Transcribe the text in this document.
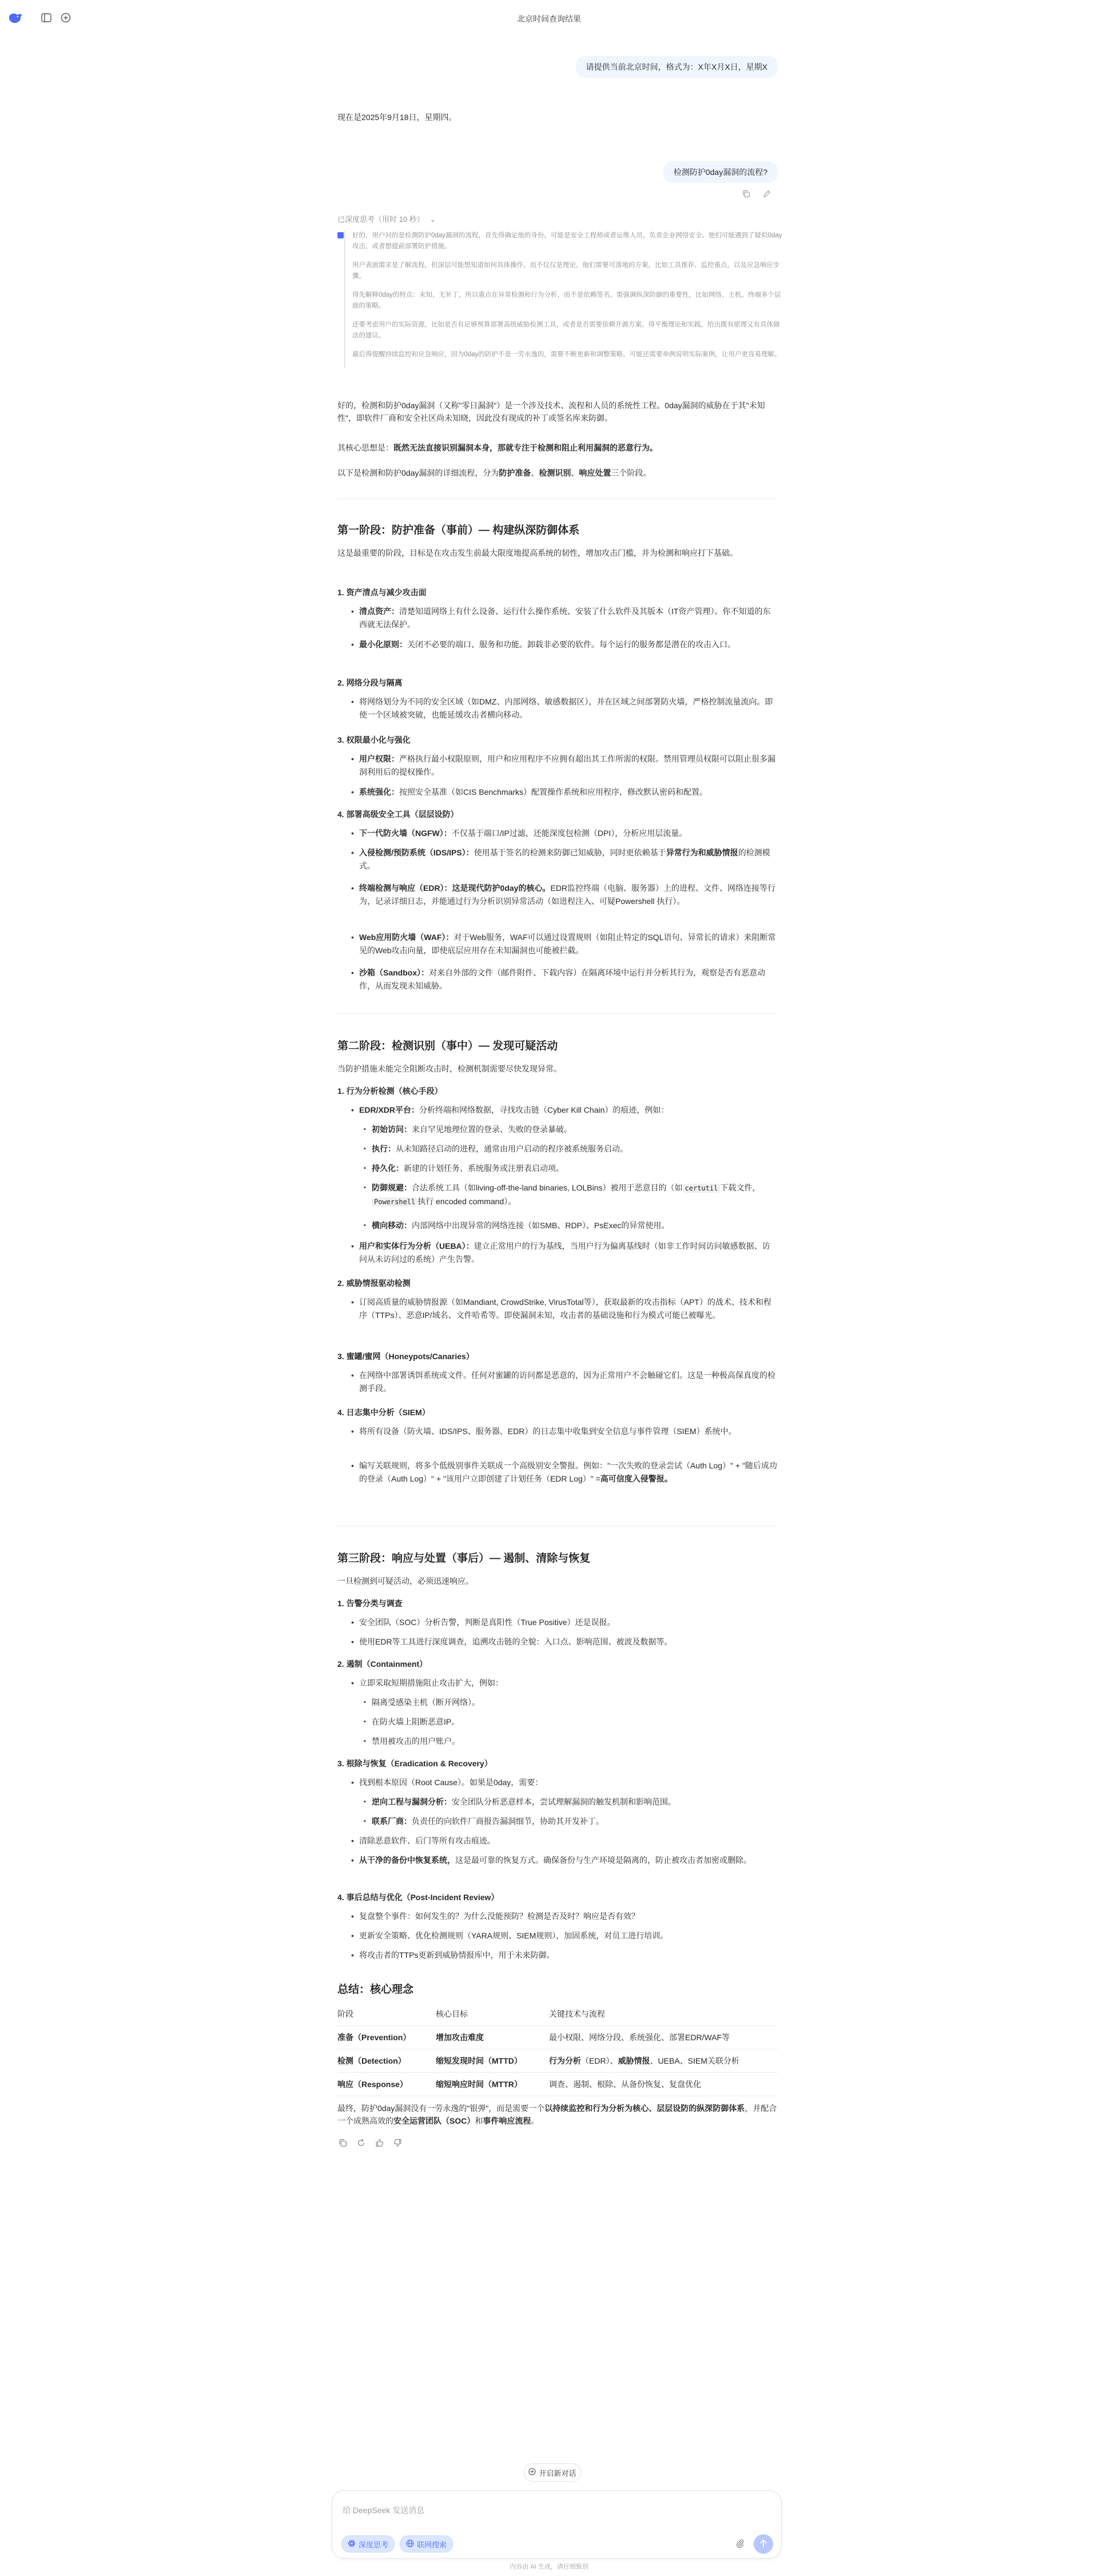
北京时间查询结果
请提供当前北京时间，格式为：X年X月X日，星期X
现在是2025年9月18日，星期四。
检测防护0day漏洞的流程?
已深度思考（用时 10 秒） ⌄

好的，用户问的是检测防护0day漏洞的流程，首先得确定他的身份。可能是安全工程师或者运维人员，负责企业网络安全。他们可能遇到了疑似0day攻击，或者想提前部署防护措施。

用户表面需求是了解流程，但深层可能想知道如何具体操作，而不仅仅是理论。他们需要可落地的方案，比如工具推荐、监控重点，以及应急响应步骤。

得先解释0day的特点：未知、无补丁，所以重点在异常检测和行为分析，而不是依赖签名。需强调纵深防御的重要性，比如网络、主机、终端多个层面的策略。

还要考虑用户的实际资源，比如是否有足够预算部署高级威胁检测工具，或者是否需要依赖开源方案。得平衡理论和实践，给出既有原理又有具体做法的建议。

最后得提醒持续监控和应急响应，因为0day的防护不是一劳永逸的，需要不断更新和调整策略。可能还需要举例说明实际案例，让用户更容易理解。

好的，检测和防护0day漏洞（又称"零日漏洞"）是一个涉及技术、流程和人员的系统性工程。0day漏洞的威胁在于其"未知性"，即软件厂商和安全社区尚未知晓，因此没有现成的补丁或签名库来防御。
其核心思想是：既然无法直接识别漏洞本身，那就专注于检测和阻止利用漏洞的恶意行为。
以下是检测和防护0day漏洞的详细流程，分为防护准备、检测识别、响应处置三个阶段。
第一阶段：防护准备（事前）— 构建纵深防御体系
这是最重要的阶段，目标是在攻击发生前最大限度地提高系统的韧性，增加攻击门槛，并为检测和响应打下基础。
1. 资产清点与减少攻击面
• 清点资产：清楚知道网络上有什么设备、运行什么操作系统、安装了什么软件及其版本（IT资产管理）。你不知道的东西就无法保护。
• 最小化原则：关闭不必要的端口、服务和功能。卸载非必要的软件。每个运行的服务都是潜在的攻击入口。
2. 网络分段与隔离
• 将网络划分为不同的安全区域（如DMZ、内部网络、敏感数据区），并在区域之间部署防火墙，严格控制流量流向。即使一个区域被突破，也能延缓攻击者横向移动。
3. 权限最小化与强化
• 用户权限：严格执行最小权限原则，用户和应用程序不应拥有超出其工作所需的权限。禁用管理员权限可以阻止很多漏洞利用后的提权操作。
• 系统强化：按照安全基准（如CIS Benchmarks）配置操作系统和应用程序，修改默认密码和配置。
4. 部署高级安全工具（层层设防）
• 下一代防火墙（NGFW）：不仅基于端口/IP过滤，还能深度包检测（DPI），分析应用层流量。
• 入侵检测/预防系统（IDS/IPS）：使用基于签名的检测来防御已知威胁，同时更依赖基于异常行为和威胁情报的检测模式。
• 终端检测与响应（EDR）：这是现代防护0day的核心。EDR监控终端（电脑、服务器）上的进程、文件、网络连接等行为，记录详细日志，并能通过行为分析识别异常活动（如进程注入、可疑Powershell 执行）。
• Web应用防火墙（WAF）：对于Web服务，WAF可以通过设置规则（如阻止特定的SQL语句、异常长的请求）来阻断常见的Web攻击向量，即使底层应用存在未知漏洞也可能被拦截。
• 沙箱（Sandbox）：对来自外部的文件（邮件附件、下载内容）在隔离环境中运行并分析其行为，观察是否有恶意动作，从而发现未知威胁。
第二阶段：检测识别（事中）— 发现可疑活动
当防护措施未能完全阻断攻击时，检测机制需要尽快发现异常。
1. 行为分析检测（核心手段）
• EDR/XDR平台：分析终端和网络数据，寻找攻击链（Cyber Kill Chain）的痕迹，例如：
▪ 初始访问：来自罕见地理位置的登录、失败的登录暴破。
▪ 执行：从未知路径启动的进程，通常由用户启动的程序被系统服务启动。
▪ 持久化：新建的计划任务、系统服务或注册表启动项。
▪ 防御规避：合法系统工具（如living-off-the-land binaries, LOLBins）被用于恶意目的（如 certutil 下载文件，Powershell 执行 encoded command）。
▪ 横向移动：内部网络中出现异常的网络连接（如SMB、RDP）、PsExec的异常使用。
• 用户和实体行为分析（UEBA）：建立正常用户的行为基线，当用户行为偏离基线时（如非工作时间访问敏感数据、访问从未访问过的系统）产生告警。
2. 威胁情报驱动检测
• 订阅高质量的威胁情报源（如Mandiant, CrowdStrike, VirusTotal等），获取最新的攻击指标（APT）的战术、技术和程序（TTPs）、恶意IP/域名、文件哈希等。即使漏洞未知，攻击者的基础设施和行为模式可能已被曝光。
3. 蜜罐/蜜网（Honeypots/Canaries）
• 在网络中部署诱饵系统或文件。任何对蜜罐的访问都是恶意的，因为正常用户不会触碰它们。这是一种极高保真度的检测手段。
4. 日志集中分析（SIEM）
• 将所有设备（防火墙、IDS/IPS、服务器、EDR）的日志集中收集到安全信息与事件管理（SIEM）系统中。
• 编写关联规则，将多个低级别事件关联成一个高级别安全警报。例如："一次失败的登录尝试（Auth Log）" + "随后成功的登录（Auth Log）" + "该用户立即创建了计划任务（EDR Log）" =高可信度入侵警报。
第三阶段：响应与处置（事后）— 遏制、清除与恢复
一旦检测到可疑活动，必须迅速响应。
1. 告警分类与调查
• 安全团队（SOC）分析告警，判断是真阳性（True Positive）还是误报。
• 使用EDR等工具进行深度调查，追溯攻击链的全貌：入口点、影响范围、被波及数据等。
2. 遏制（Containment）
• 立即采取短期措施阻止攻击扩大，例如：
▪ 隔离受感染主机（断开网络）。
▪ 在防火墙上阻断恶意IP。
▪ 禁用被攻击的用户账户。
3. 根除与恢复（Eradication & Recovery）
• 找到根本原因（Root Cause）。如果是0day，需要：
▪ 逆向工程与漏洞分析：安全团队分析恶意样本，尝试理解漏洞的触发机制和影响范围。
▪ 联系厂商：负责任的向软件厂商报告漏洞细节，协助其开发补丁。
• 清除恶意软件、后门等所有攻击痕迹。
• 从干净的备份中恢复系统，这是最可靠的恢复方式。确保备份与生产环境是隔离的，防止被攻击者加密或删除。
4. 事后总结与优化（Post-Incident Review）
• 复盘整个事件：如何发生的？为什么没能预防？检测是否及时？响应是否有效？
• 更新安全策略、优化检测规则（YARA规则、SIEM规则），加固系统，对员工进行培训。
• 将攻击者的TTPs更新到威胁情报库中，用于未来防御。
总结：核心理念
阶段	核心目标	关键技术与流程
准备（Prevention）	增加攻击难度	最小权限、网络分段、系统强化、部署EDR/WAF等
检测（Detection）	缩短发现时间（MTTD）	行为分析（EDR）、威胁情报、UEBA、SIEM关联分析
响应（Response）	缩短响应时间（MTTR）	调查、遏制、根除、从备份恢复、复盘优化
最终，防护0day漏洞没有一劳永逸的"银弹"，而是需要一个以持续监控和行为分析为核心、层层设防的纵深防御体系，并配合一个成熟高效的安全运营团队（SOC）和事件响应流程。
开启新对话
给 DeepSeek 发送消息
深度思考	联网搜索
内容由 AI 生成，请仔细甄别
